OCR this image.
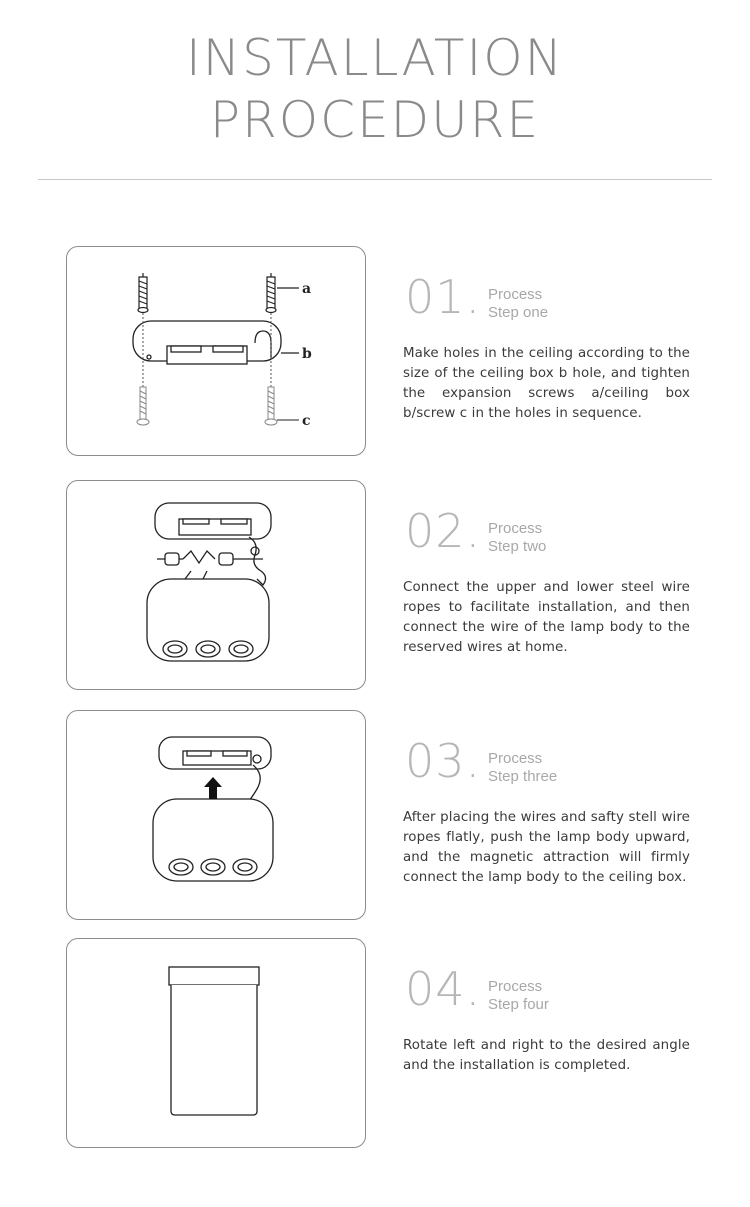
INSTALLATION
PROCEDURE
a
b
c
01. Process
Step one
Make holes in the ceiling according to the size of the ceiling box b hole, and tighten the expansion screws a/ceiling box b/screw c in the holes in sequence.
02. Process
Step two
Connect the upper and lower steel wire ropes to facilitate installation, and then connect the wire of the lamp body to the reserved wires at home.
03. Process
Step three
After placing the wires and safty stell wire ropes flatly, push the lamp body upward, and the magnetic attraction will firmly connect the lamp body to the ceiling box.
04. Process
Step four
Rotate left and right to the desired angle and the installation is completed.
